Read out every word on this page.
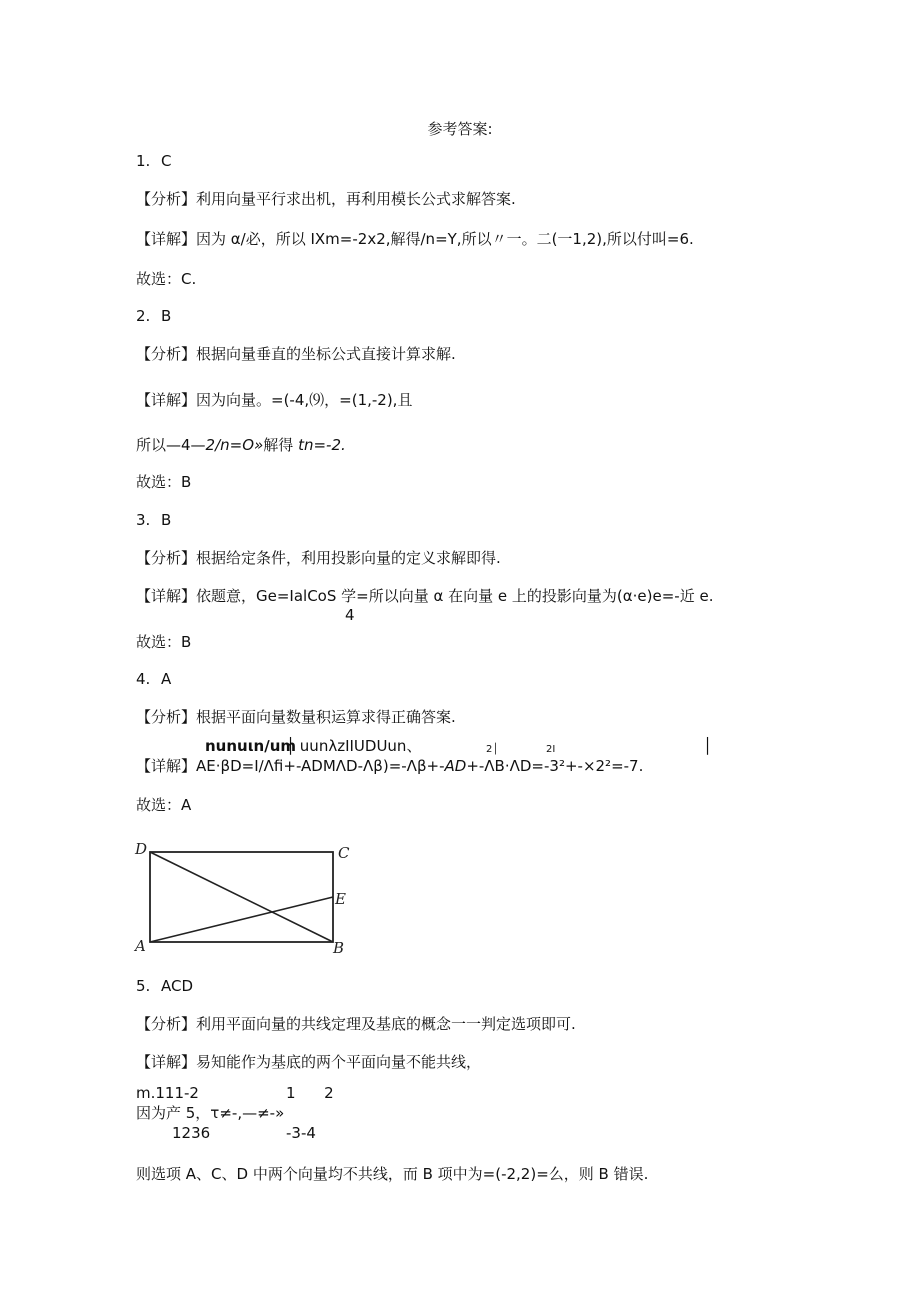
参考答案:
1. C
【分析】利用向量平行求出机，再利用模长公式求解答案.
【详解】因为 α/必，所以 IXm=-2x2,解得∕n=Y,所以〃一。二(一1,2),所以付叫=6.
故选：C.
2. B
【分析】根据向量垂直的坐标公式直接计算求解.
【详解】因为向量。=(-4,⑼，=(1,-2),且
所以—4—2∕n=O»解得 tn=-2.
故选：B
3. B
【分析】根据给定条件，利用投影向量的定义求解即得.
【详解】依题意，Ge=IalCoS 学=所以向量 α 在向量 e 上的投影向量为(α·e)e=-近 e.
4
故选：B
4. A
【分析】根据平面向量数量积运算求得正确答案.
nunuιn∕um
│ uunλzIIUDUun、	2│	2I	│
【详解】AE·βD=I∕Λfi+-ADMΛD-Λβ)=-Λβ+-AD+-ΛB·ΛD=-3²+-×2²=-7.
故选：A
D	C
E
A	B
5. ACD
【分析】利用平面向量的共线定理及基底的概念一一判定选项即可.
【详解】易知能作为基底的两个平面向量不能共线，
m.111-2	1      2
因为产 5，τ≠-,—≠-»
1236	-3-4
则选项 A、C、D 中两个向量均不共线，而 B 项中为=(-2,2)=么，则 B 错误.
